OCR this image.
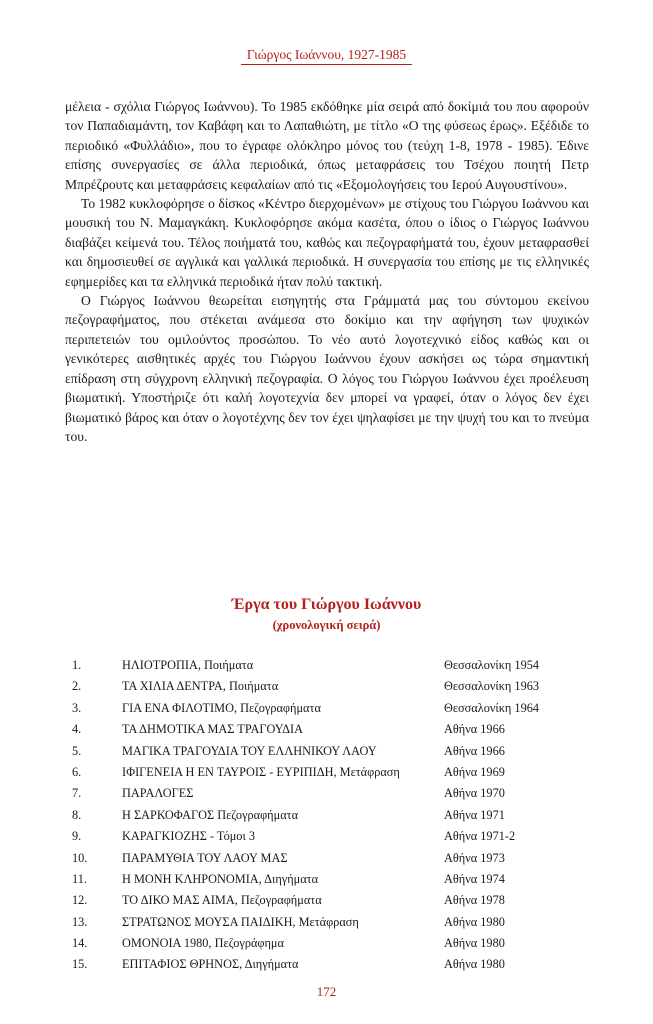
Γιώργος Ιωάννου, 1927-1985

μέλεια - σχόλια Γιώργος Ιωάννου). Το 1985 εκδόθηκε μία σειρά από δοκίμιά του που αφορούν τον Παπαδιαμάντη, τον Καβάφη και το Λαπαθιώτη, με τίτλο «Ο της φύσεως έρως». Εξέδιδε το περιοδικό «Φυλλάδιο», που το έγραφε ολόκληρο μόνος του (τεύχη 1-8, 1978 - 1985). Έδινε επίσης συνεργασίες σε άλλα περιοδικά, όπως μεταφράσεις του Τσέχου ποιητή Πετρ Μπρέζρουτς και μεταφράσεις κεφαλαίων από τις «Εξομολογήσεις του Ιερού Αυγουστίνου».

Το 1982 κυκλοφόρησε ο δίσκος «Κέντρο διερχομένων» με στίχους του Γιώργου Ιωάννου και μουσική του Ν. Μαμαγκάκη. Κυκλοφόρησε ακόμα κασέτα, όπου ο ίδιος ο Γιώργος Ιωάννου διαβάζει κείμενά του. Τέλος ποιήματά του, καθώς και πεζογραφήματά του, έχουν μεταφρασθεί και δημοσιευθεί σε αγγλικά και γαλλικά περιοδικά. Η συνεργασία του επίσης με τις ελληνικές εφημερίδες και τα ελληνικά περιοδικά ήταν πολύ τακτική.

Ο Γιώργος Ιωάννου θεωρείται εισηγητής στα Γράμματά μας του σύντομου εκείνου πεζογραφήματος, που στέκεται ανάμεσα στο δοκίμιο και την αφήγηση των ψυχικών περιπετειών του ομιλούντος προσώπου. Το νέο αυτό λογοτεχνικό είδος καθώς και οι γενικότερες αισθητικές αρχές του Γιώργου Ιωάννου έχουν ασκήσει ως τώρα σημαντική επίδραση στη σύγχρονη ελληνική πεζογραφία. Ο λόγος του Γιώργου Ιωάννου έχει προέλευση βιωματική. Υποστήριζε ότι καλή λογοτεχνία δεν μπορεί να γραφεί, όταν ο λόγος δεν έχει βιωματικό βάρος και όταν ο λογοτέχνης δεν τον έχει ψηλαφίσει με την ψυχή του και το πνεύμα του.

Έργα του Γιώργου Ιωάννου
(χρονολογική σειρά)
1.	ΗΛΙΟΤΡΟΠΙΑ, Ποιήματα	Θεσσαλονίκη 1954
2.	ΤΑ ΧΙΛΙΑ ΔΕΝΤΡΑ, Ποιήματα	Θεσσαλονίκη 1963
3.	ΓΙΑ ΕΝΑ ΦΙΛΟΤΙΜΟ, Πεζογραφήματα	Θεσσαλονίκη 1964
4.	ΤΑ ΔΗΜΟΤΙΚΑ ΜΑΣ ΤΡΑΓΟΥΔΙΑ	Αθήνα 1966
5.	ΜΑΓΙΚΑ ΤΡΑΓΟΥΔΙΑ ΤΟΥ ΕΛΛΗΝΙΚΟΥ ΛΑΟΥ	Αθήνα 1966
6.	ΙΦΙΓΕΝΕΙΑ Η ΕΝ ΤΑΥΡΟΙΣ - ΕΥΡΙΠΙΔΗ, Μετάφραση	Αθήνα 1969
7.	ΠΑΡΑΛΟΓΕΣ	Αθήνα 1970
8.	Η ΣΑΡΚΟΦΑΓΟΣ Πεζογραφήματα	Αθήνα 1971
9.	ΚΑΡΑΓΚΙΟΖΗΣ - Τόμοι 3	Αθήνα 1971-2
10.	ΠΑΡΑΜΥΘΙΑ ΤΟΥ ΛΑΟΥ ΜΑΣ	Αθήνα 1973
11.	Η ΜΟΝΗ ΚΛΗΡΟΝΟΜΙΑ, Διηγήματα	Αθήνα 1974
12.	ΤΟ ΔΙΚΟ ΜΑΣ ΑΙΜΑ, Πεζογραφήματα	Αθήνα 1978
13.	ΣΤΡΑΤΩΝΟΣ ΜΟΥΣΑ ΠΑΙΔΙΚΗ, Μετάφραση	Αθήνα 1980
14.	ΟΜΟΝΟΙΑ 1980, Πεζογράφημα	Αθήνα 1980
15.	ΕΠΙΤΑΦΙΟΣ ΘΡΗΝΟΣ, Διηγήματα	Αθήνα 1980
172
